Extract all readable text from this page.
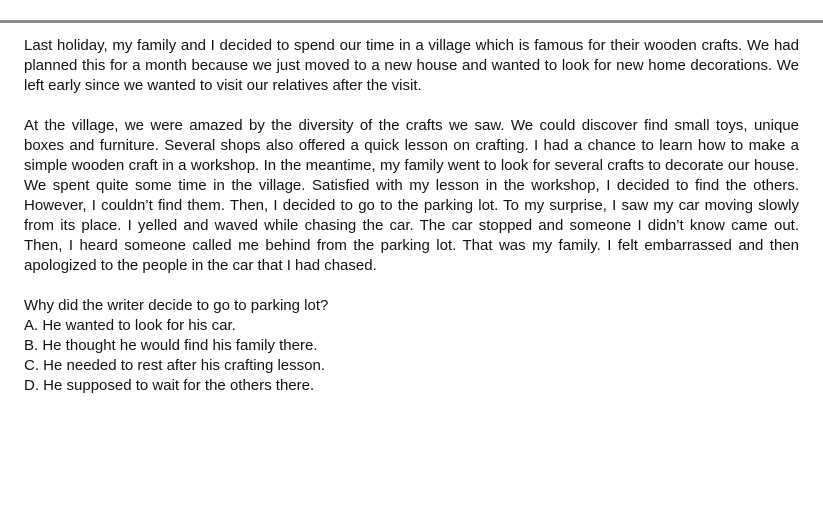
Last holiday, my family and I decided to spend our time in a village which is famous for their wooden crafts. We had planned this for a month because we just moved to a new house and wanted to look for new home decorations. We left early since we wanted to visit our relatives after the visit.

At the village, we were amazed by the diversity of the crafts we saw. We could discover find small toys, unique boxes and furniture. Several shops also offered a quick lesson on crafting. I had a chance to learn how to make a simple wooden craft in a workshop. In the meantime, my family went to look for several crafts to decorate our house. We spent quite some time in the village. Satisfied with my lesson in the workshop, I decided to find the others. However, I couldn’t find them. Then, I decided to go to the parking lot. To my surprise, I saw my car moving slowly from its place. I yelled and waved while chasing the car. The car stopped and someone I didn’t know came out. Then, I heard someone called me behind from the parking lot. That was my family. I felt embarrassed and then apologized to the people in the car that I had chased.

Why did the writer decide to go to parking lot?

A. He wanted to look for his car.

B. He thought he would find his family there.

C. He needed to rest after his crafting lesson.

D. He supposed to wait for the others there.
